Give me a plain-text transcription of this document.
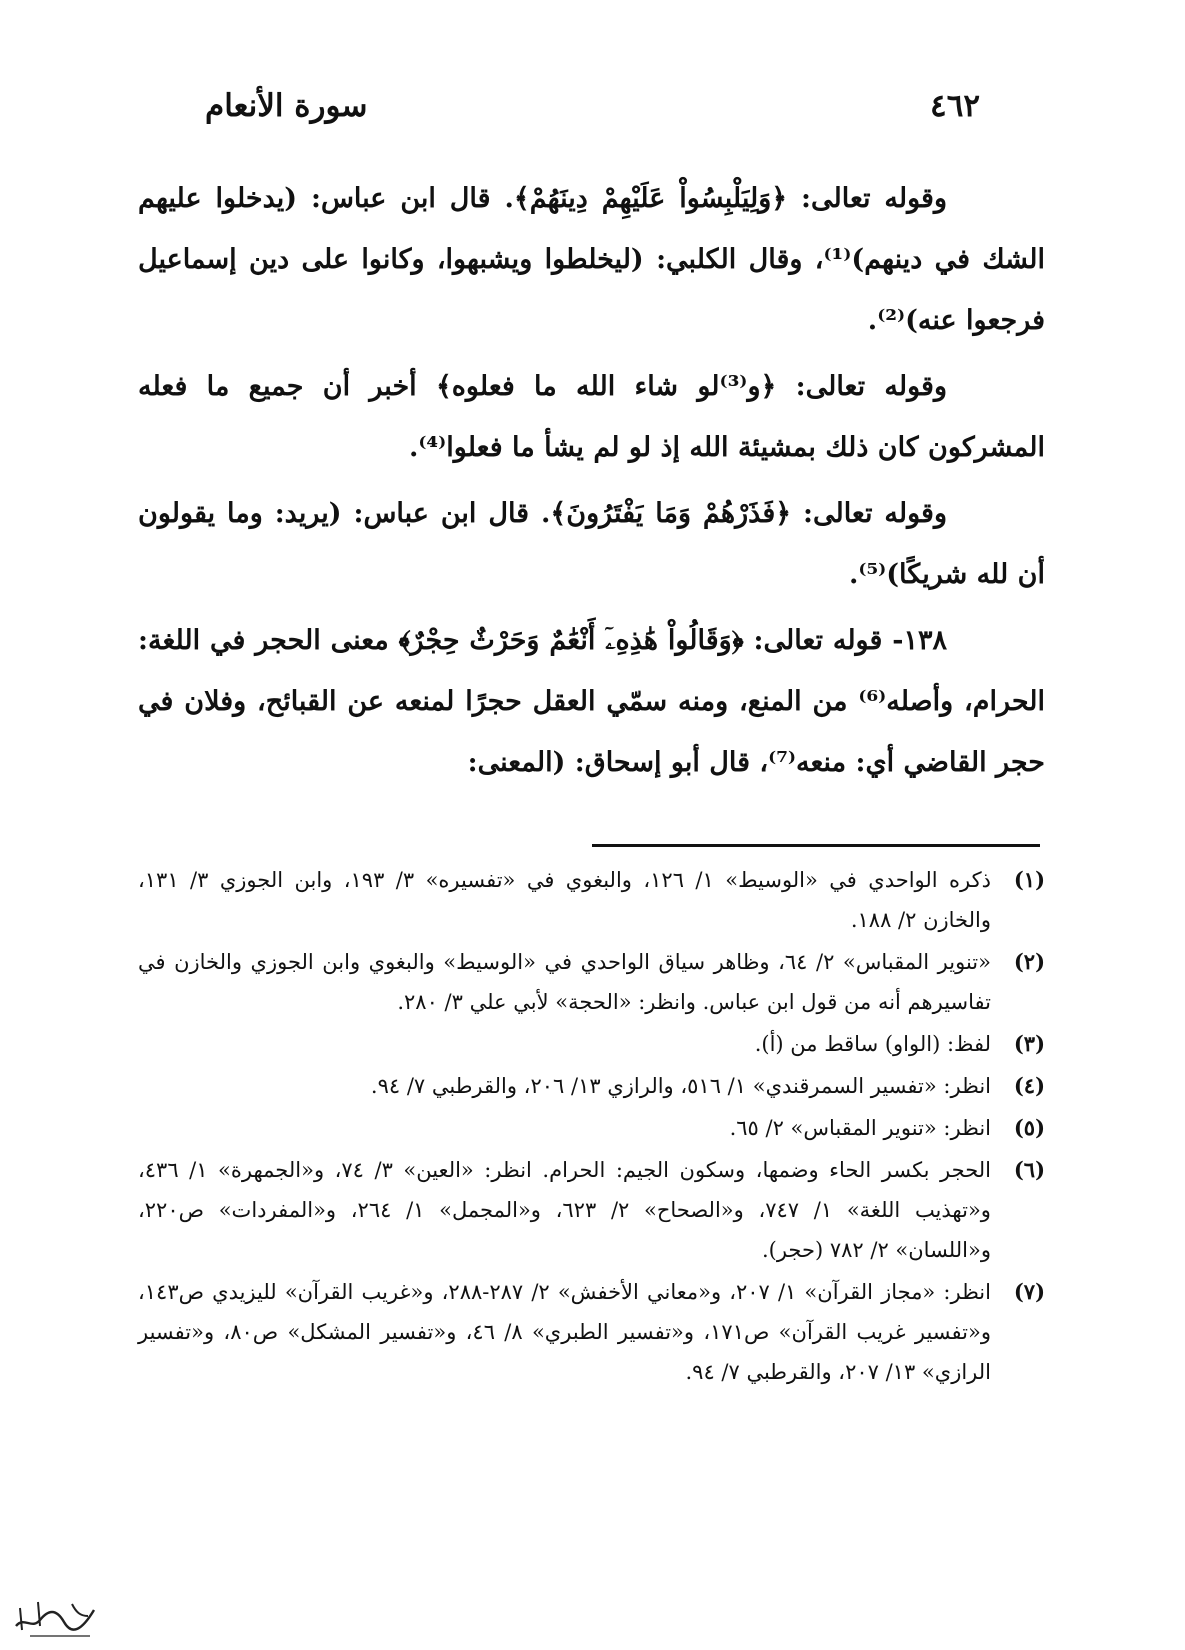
٤٦٢
سورة الأنعام

وقوله تعالى: ﴿وَلِيَلْبِسُواْ عَلَيْهِمْ دِينَهُمْ﴾. قال ابن عباس: (يدخلوا عليهم الشك في دينهم)⁽¹⁾، وقال الكلبي: (ليخلطوا ويشبهوا، وكانوا على دين إسماعيل فرجعوا عنه)⁽²⁾.

وقوله تعالى: ﴿و⁽³⁾لو شاء الله ما فعلوه﴾ أخبر أن جميع ما فعله المشركون كان ذلك بمشيئة الله إذ لو لم يشأ ما فعلوا⁽⁴⁾.

وقوله تعالى: ﴿فَذَرْهُمْ وَمَا يَفْتَرُونَ﴾. قال ابن عباس: (يريد: وما يقولون أن لله شريكًا)⁽⁵⁾.

١٣٨- قوله تعالى: ﴿وَقَالُواْ هَٰذِهِۦٓ أَنْعَٰمٌ وَحَرْثٌ حِجْرٌ﴾ معنى الحجر في اللغة: الحرام، وأصله⁽⁶⁾ من المنع، ومنه سمّي العقل حجرًا لمنعه عن القبائح، وفلان في حجر القاضي أي: منعه⁽⁷⁾، قال أبو إسحاق: (المعنى:

(١)
ذكره الواحدي في «الوسيط» ١/ ١٢٦، والبغوي في «تفسيره» ٣/ ١٩٣، وابن الجوزي ٣/ ١٣١، والخازن ٢/ ١٨٨.
(٢)
«تنوير المقباس» ٢/ ٦٤، وظاهر سياق الواحدي في «الوسيط» والبغوي وابن الجوزي والخازن في تفاسيرهم أنه من قول ابن عباس. وانظر: «الحجة» لأبي علي ٣/ ٢٨٠.
(٣)
لفظ: (الواو) ساقط من (أ).
(٤)
انظر: «تفسير السمرقندي» ١/ ٥١٦، والرازي ١٣/ ٢٠٦، والقرطبي ٧/ ٩٤.
(٥)
انظر: «تنوير المقباس» ٢/ ٦٥.
(٦)
الحجر بكسر الحاء وضمها، وسكون الجيم: الحرام. انظر: «العين» ٣/ ٧٤، و«الجمهرة» ١/ ٤٣٦، و«تهذيب اللغة» ١/ ٧٤٧، و«الصحاح» ٢/ ٦٢٣، و«المجمل» ١/ ٢٦٤، و«المفردات» ص٢٢٠، و«اللسان» ٢/ ٧٨٢ (حجر).
(٧)
انظر: «مجاز القرآن» ١/ ٢٠٧، و«معاني الأخفش» ٢/ ٢٨٧-٢٨٨، و«غريب القرآن» لليزيدي ص١٤٣، و«تفسير غريب القرآن» ص١٧١، و«تفسير الطبري» ٨/ ٤٦، و«تفسير المشكل» ص٨٠، و«تفسير الرازي» ١٣/ ٢٠٧، والقرطبي ٧/ ٩٤.
